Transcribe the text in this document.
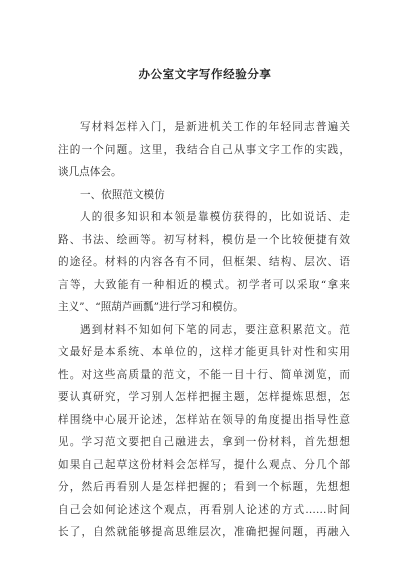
办公室文字写作经验分享
写材料怎样入门，是新进机关工作的年轻同志普遍关
注的一个问题。这里，我结合自己从事文字工作的实践，
谈几点体会。
一、依照范文模仿
人的很多知识和本领是靠模仿获得的，比如说话、走
路、书法、绘画等。初写材料，模仿是一个比较便捷有效
的途径。材料的内容各有不同，但框架、结构、层次、语
言等，大致能有一种相近的模式。初学者可以采取“拿来
主义”、“照葫芦画瓢”进行学习和模仿。
遇到材料不知如何下笔的同志，要注意积累范文。范
文最好是本系统、本单位的，这样才能更具针对性和实用
性。对这些高质量的范文，不能一目十行、简单浏览，而
要认真研究，学习别人怎样把握主题，怎样提炼思想，怎
样围绕中心展开论述，怎样站在领导的角度提出指导性意
见。学习范文要把自己融进去，拿到一份材料，首先想想
如果自己起草这份材料会怎样写，提什么观点、分几个部
分，然后再看别人是怎样把握的；看到一个标题，先想想
自己会如何论述这个观点，再看别人论述的方式……时间
长了，自然就能够提高思维层次，准确把握问题，再融入
